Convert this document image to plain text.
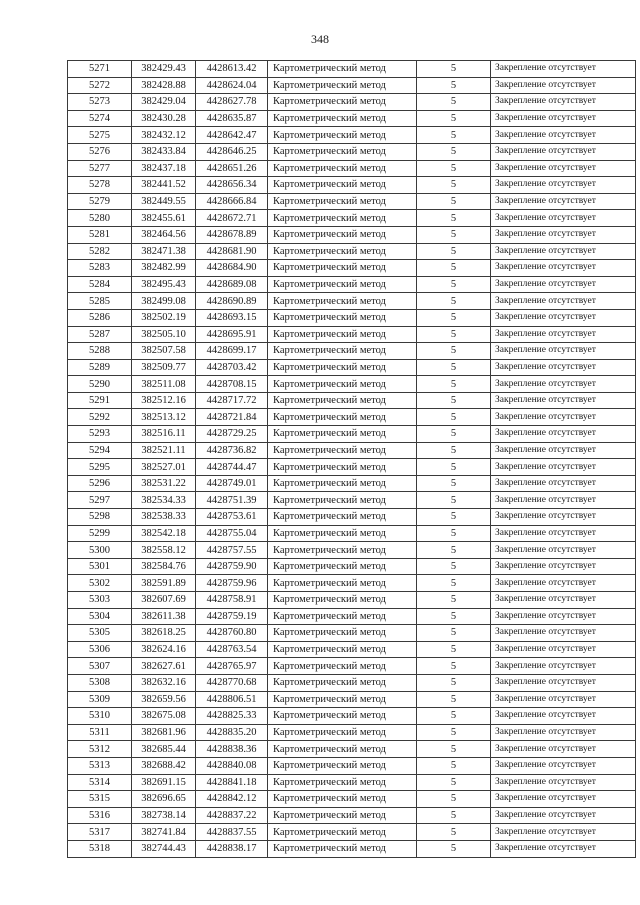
348
5271	382429.43	4428613.42	Картометрический метод	5	Закрепление отсутствует
5272	382428.88	4428624.04	Картометрический метод	5	Закрепление отсутствует
5273	382429.04	4428627.78	Картометрический метод	5	Закрепление отсутствует
5274	382430.28	4428635.87	Картометрический метод	5	Закрепление отсутствует
5275	382432.12	4428642.47	Картометрический метод	5	Закрепление отсутствует
5276	382433.84	4428646.25	Картометрический метод	5	Закрепление отсутствует
5277	382437.18	4428651.26	Картометрический метод	5	Закрепление отсутствует
5278	382441.52	4428656.34	Картометрический метод	5	Закрепление отсутствует
5279	382449.55	4428666.84	Картометрический метод	5	Закрепление отсутствует
5280	382455.61	4428672.71	Картометрический метод	5	Закрепление отсутствует
5281	382464.56	4428678.89	Картометрический метод	5	Закрепление отсутствует
5282	382471.38	4428681.90	Картометрический метод	5	Закрепление отсутствует
5283	382482.99	4428684.90	Картометрический метод	5	Закрепление отсутствует
5284	382495.43	4428689.08	Картометрический метод	5	Закрепление отсутствует
5285	382499.08	4428690.89	Картометрический метод	5	Закрепление отсутствует
5286	382502.19	4428693.15	Картометрический метод	5	Закрепление отсутствует
5287	382505.10	4428695.91	Картометрический метод	5	Закрепление отсутствует
5288	382507.58	4428699.17	Картометрический метод	5	Закрепление отсутствует
5289	382509.77	4428703.42	Картометрический метод	5	Закрепление отсутствует
5290	382511.08	4428708.15	Картометрический метод	5	Закрепление отсутствует
5291	382512.16	4428717.72	Картометрический метод	5	Закрепление отсутствует
5292	382513.12	4428721.84	Картометрический метод	5	Закрепление отсутствует
5293	382516.11	4428729.25	Картометрический метод	5	Закрепление отсутствует
5294	382521.11	4428736.82	Картометрический метод	5	Закрепление отсутствует
5295	382527.01	4428744.47	Картометрический метод	5	Закрепление отсутствует
5296	382531.22	4428749.01	Картометрический метод	5	Закрепление отсутствует
5297	382534.33	4428751.39	Картометрический метод	5	Закрепление отсутствует
5298	382538.33	4428753.61	Картометрический метод	5	Закрепление отсутствует
5299	382542.18	4428755.04	Картометрический метод	5	Закрепление отсутствует
5300	382558.12	4428757.55	Картометрический метод	5	Закрепление отсутствует
5301	382584.76	4428759.90	Картометрический метод	5	Закрепление отсутствует
5302	382591.89	4428759.96	Картометрический метод	5	Закрепление отсутствует
5303	382607.69	4428758.91	Картометрический метод	5	Закрепление отсутствует
5304	382611.38	4428759.19	Картометрический метод	5	Закрепление отсутствует
5305	382618.25	4428760.80	Картометрический метод	5	Закрепление отсутствует
5306	382624.16	4428763.54	Картометрический метод	5	Закрепление отсутствует
5307	382627.61	4428765.97	Картометрический метод	5	Закрепление отсутствует
5308	382632.16	4428770.68	Картометрический метод	5	Закрепление отсутствует
5309	382659.56	4428806.51	Картометрический метод	5	Закрепление отсутствует
5310	382675.08	4428825.33	Картометрический метод	5	Закрепление отсутствует
5311	382681.96	4428835.20	Картометрический метод	5	Закрепление отсутствует
5312	382685.44	4428838.36	Картометрический метод	5	Закрепление отсутствует
5313	382688.42	4428840.08	Картометрический метод	5	Закрепление отсутствует
5314	382691.15	4428841.18	Картометрический метод	5	Закрепление отсутствует
5315	382696.65	4428842.12	Картометрический метод	5	Закрепление отсутствует
5316	382738.14	4428837.22	Картометрический метод	5	Закрепление отсутствует
5317	382741.84	4428837.55	Картометрический метод	5	Закрепление отсутствует
5318	382744.43	4428838.17	Картометрический метод	5	Закрепление отсутствует
